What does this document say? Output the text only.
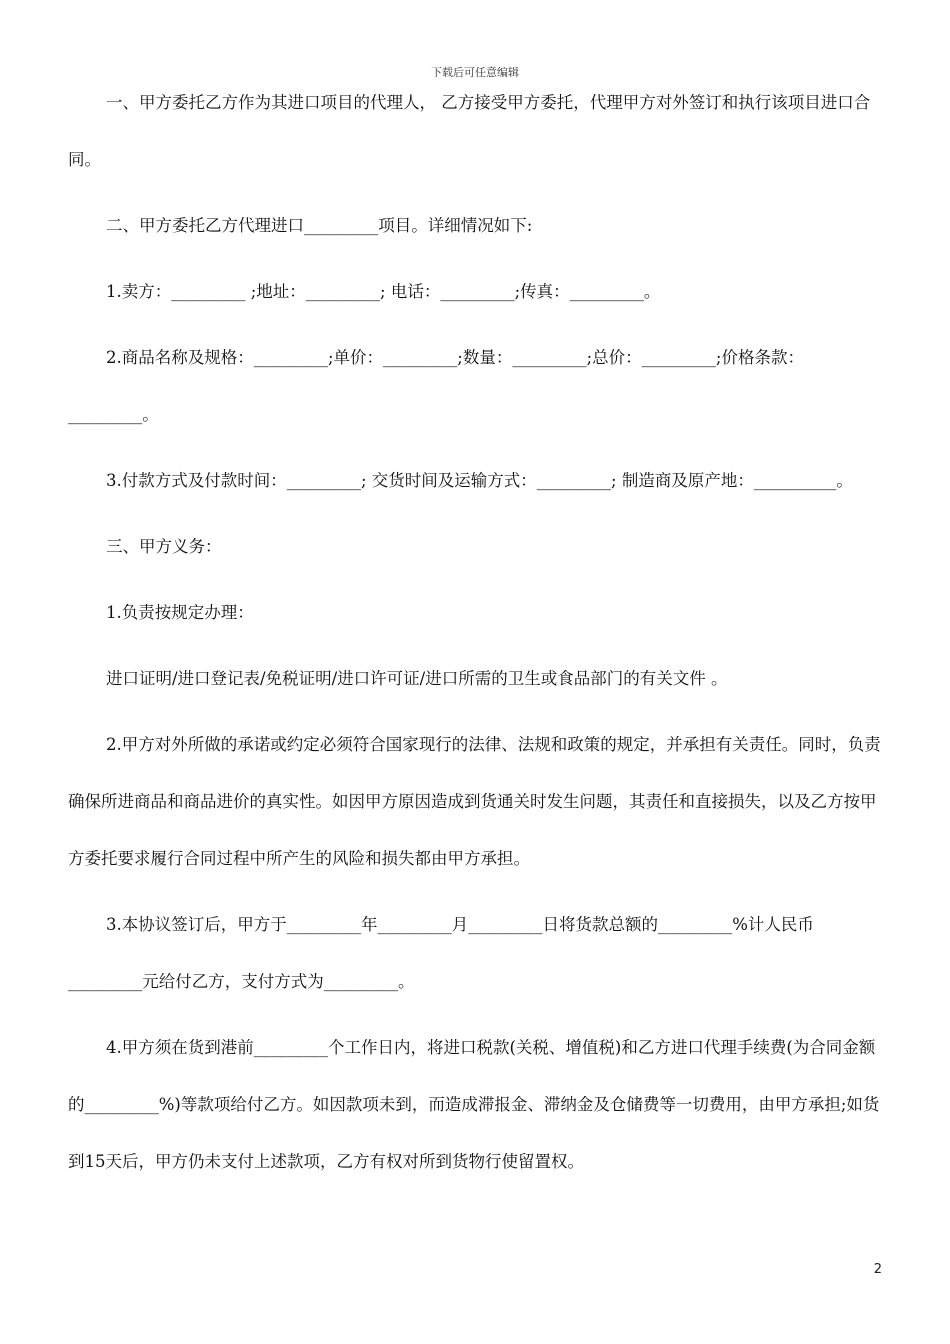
下载后可任意编辑

一、甲方委托乙方作为其进口项目的代理人， 乙方接受甲方委托，代理甲方对外签订和执行该项目进口合同。

二、甲方委托乙方代理进口_________项目。详细情况如下:

1.卖方：_________ ;地址：_________; 电话：_________;传真：_________。

2.商品名称及规格：_________;单价：_________;数量：_________;总价：_________;价格条款：_________。

3.付款方式及付款时间：_________; 交货时间及运输方式：_________; 制造商及原产地：__________。

三、甲方义务：

1.负责按规定办理：

进口证明/进口登记表/免税证明/进口许可证/进口所需的卫生或食品部门的有关文件 。

2.甲方对外所做的承诺或约定必须符合国家现行的法律、法规和政策的规定，并承担有关责任。同时，负责确保所进商品和商品进价的真实性。如因甲方原因造成到货通关时发生问题，其责任和直接损失，以及乙方按甲方委托要求履行合同过程中所产生的风险和损失都由甲方承担。

3.本协议签订后，甲方于_________年_________月_________日将货款总额的_________%计人民币_________元给付乙方，支付方式为_________。

4.甲方须在货到港前_________个工作日内，将进口税款(关税、增值税)和乙方进口代理手续费(为合同金额的_________%)等款项给付乙方。如因款项未到，而造成滞报金、滞纳金及仓储费等一切费用，由甲方承担;如货到15天后，甲方仍未支付上述款项，乙方有权对所到货物行使留置权。

2
